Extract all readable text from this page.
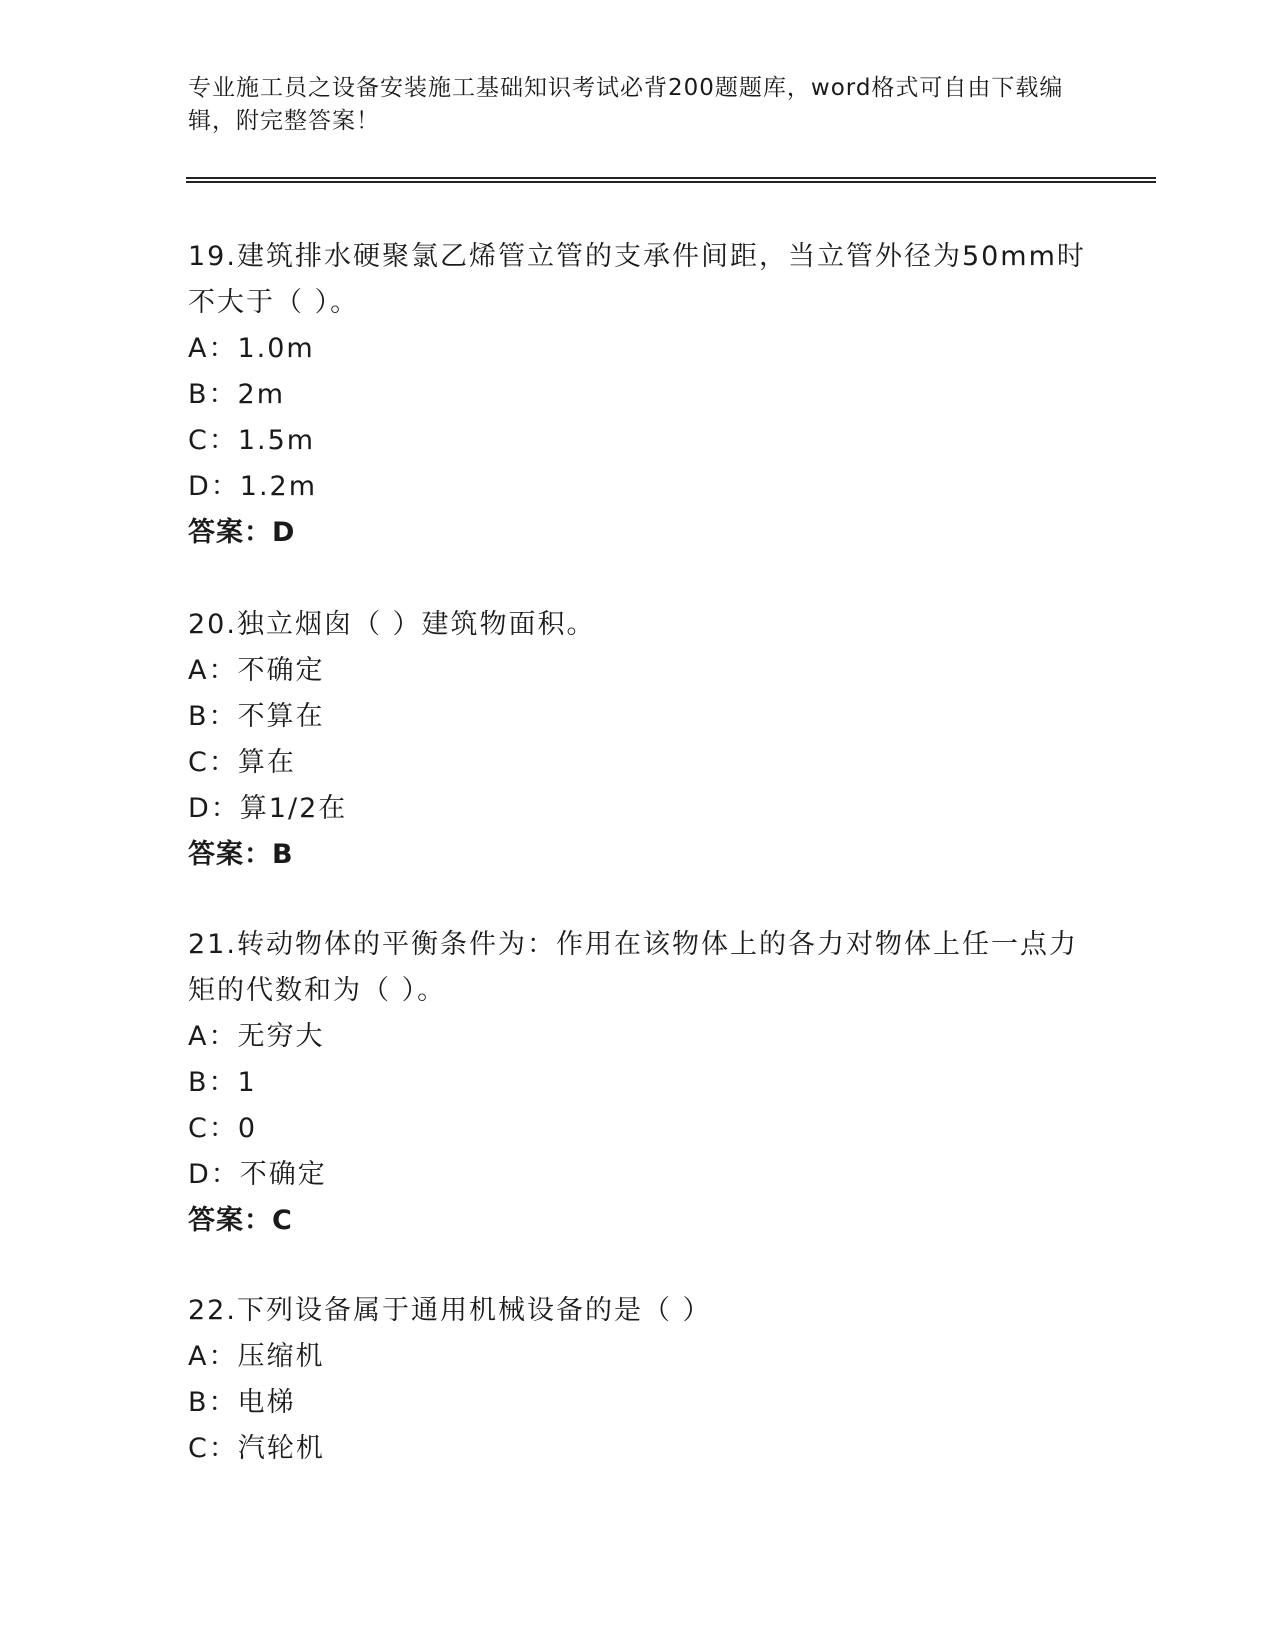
专业施工员之设备安装施工基础知识考试必背200题题库，word格式可自由下载编辑，附完整答案！

19.建筑排水硬聚氯乙烯管立管的支承件间距，当立管外径为50mm时不大于（ ）。

A：1.0m

B：2m

C：1.5m

D：1.2m

答案：D

20.独立烟囱（ ）建筑物面积。

A：不确定

B：不算在

C：算在

D：算1/2在

答案：B

21.转动物体的平衡条件为：作用在该物体上的各力对物体上任一点力矩的代数和为（ ）。

A：无穷大

B：1

C：0

D：不确定

答案：C

22.下列设备属于通用机械设备的是（ ）

A：压缩机

B：电梯

C：汽轮机
